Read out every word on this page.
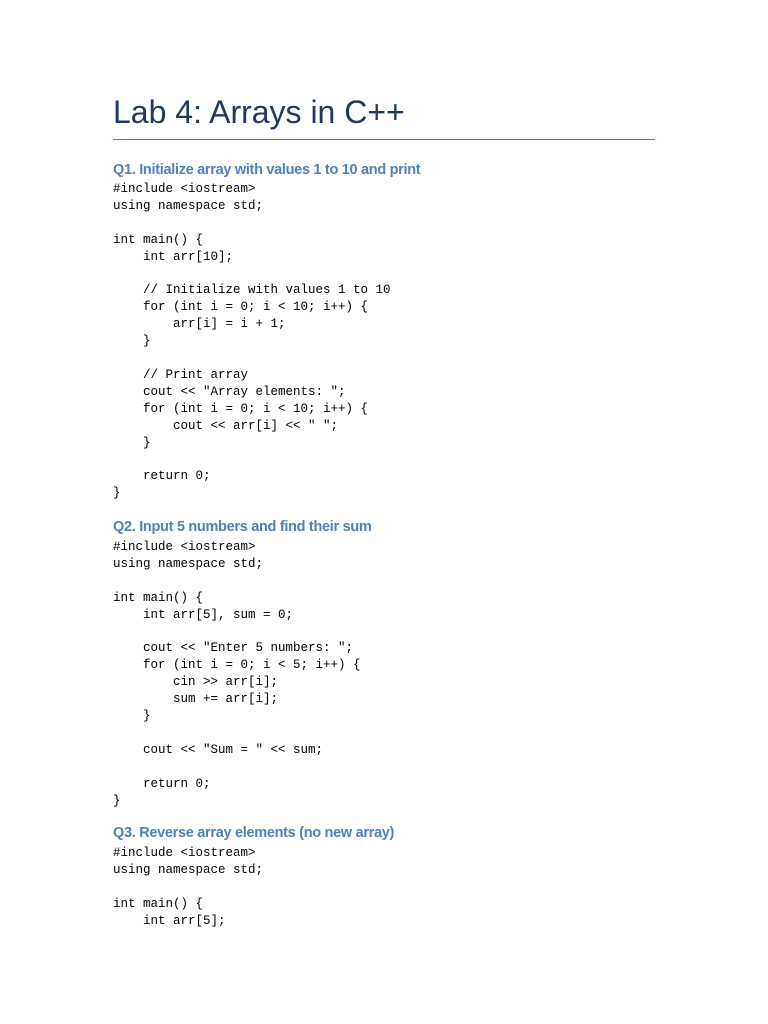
Lab 4: Arrays in C++
Q1. Initialize array with values 1 to 10 and print
#include <iostream>
using namespace std;

int main() {
int arr[10];

// Initialize with values 1 to 10
for (int i = 0; i < 10; i++) {
arr[i] = i + 1;
}

// Print array
cout << "Array elements: ";
for (int i = 0; i < 10; i++) {
cout << arr[i] << " ";
}

return 0;
}
Q2. Input 5 numbers and find their sum
#include <iostream>
using namespace std;

int main() {
int arr[5], sum = 0;

cout << "Enter 5 numbers: ";
for (int i = 0; i < 5; i++) {
cin >> arr[i];
sum += arr[i];
}

cout << "Sum = " << sum;

return 0;
}
Q3. Reverse array elements (no new array)
#include <iostream>
using namespace std;

int main() {
int arr[5];
